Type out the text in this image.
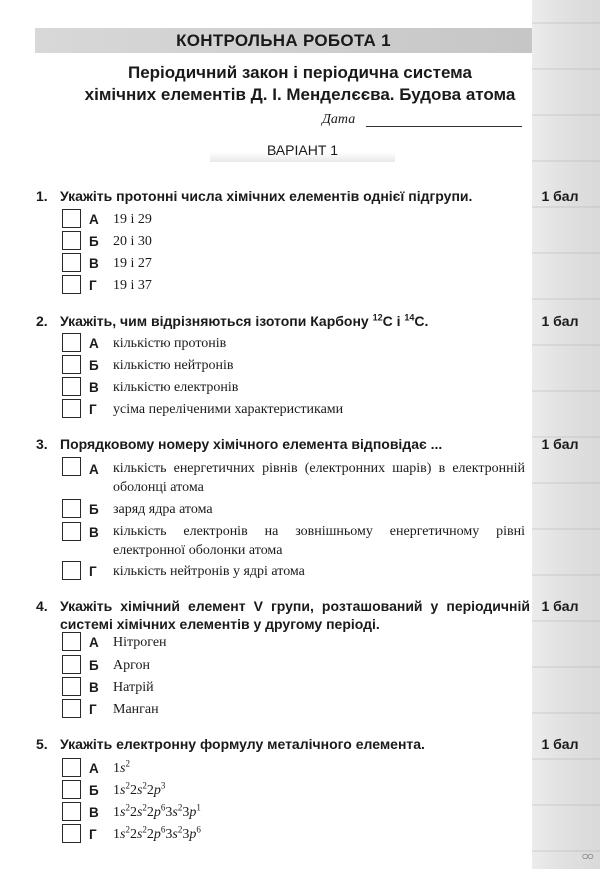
КОНТРОЛЬНА РОБОТА 1
Періодичний закон і періодична система
хімічних елементів Д. І. Менделєєва. Будова атома
Дата
ВАРІАНТ 1
1. Укажіть протонні числа хімічних елементів однієї підгрупи.	1 бал
А 19 і 29
Б 20 і 30
В 19 і 27
Г 19 і 37
2. Укажіть, чим відрізняються ізотопи Карбону $^{12}$C і $^{14}$C.	1 бал
А кількістю протонів
Б кількістю нейтронів
В кількістю електронів
Г усіма переліченими характеристиками
3. Порядковому номеру хімічного елемента відповідає ...	1 бал
А кількість енергетичних рівнів (електронних шарів) в електронній оболонці атома
Б заряд ядра атома
В кількість електронів на зовнішньому енергетичному рівні електронної оболонки атома
Г кількість нейтронів у ядрі атома
4. Укажіть хімічний елемент V групи, розташований у періодичній системі хімічних елементів у другому періоді.
1 бал
А Нітроген
Б Аргон
В Натрій
Г Манган
5. Укажіть електронну формулу металічного елемента.	1 бал
А $1s^2$
Б $1s^22s^22p^3$
В $1s^22s^22p^63s^23p^1$
Г $1s^22s^22p^63s^23p^6$
○○
